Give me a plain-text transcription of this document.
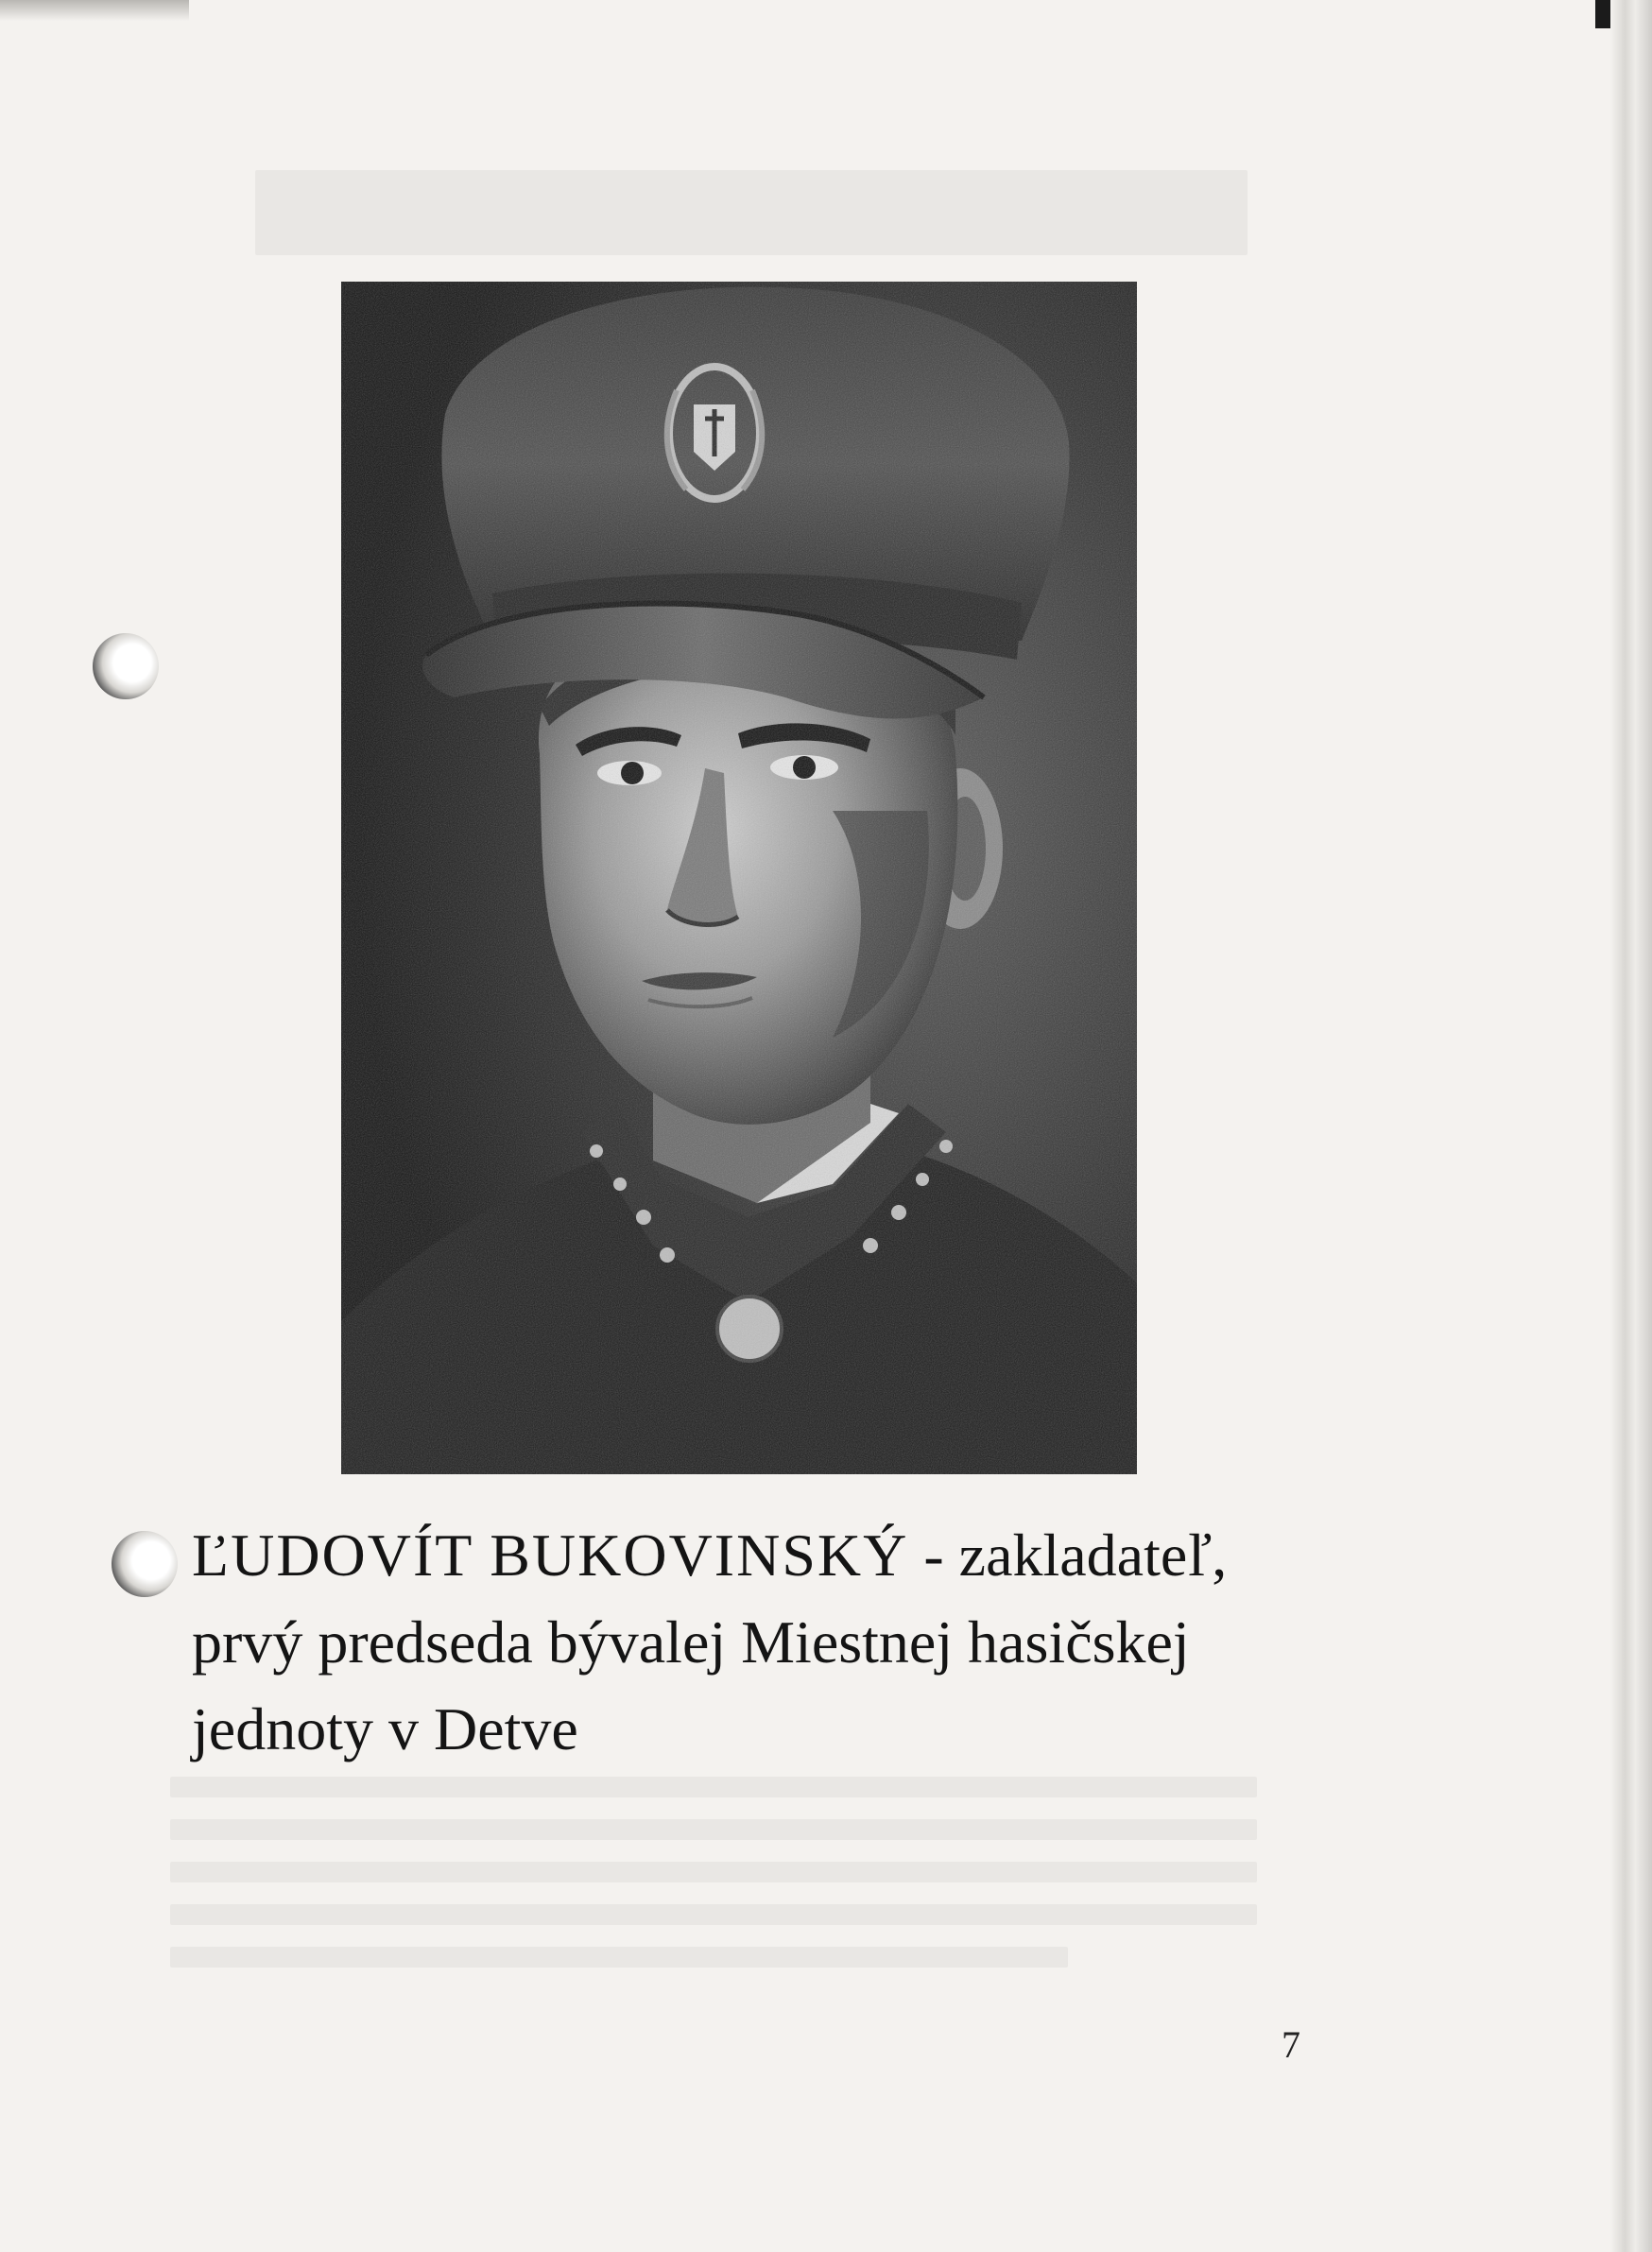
ĽUDOVÍT BUKOVINSKÝ - zakladateľ,
prvý predseda bývalej Miestnej hasičskej
jednoty v Detve
7
